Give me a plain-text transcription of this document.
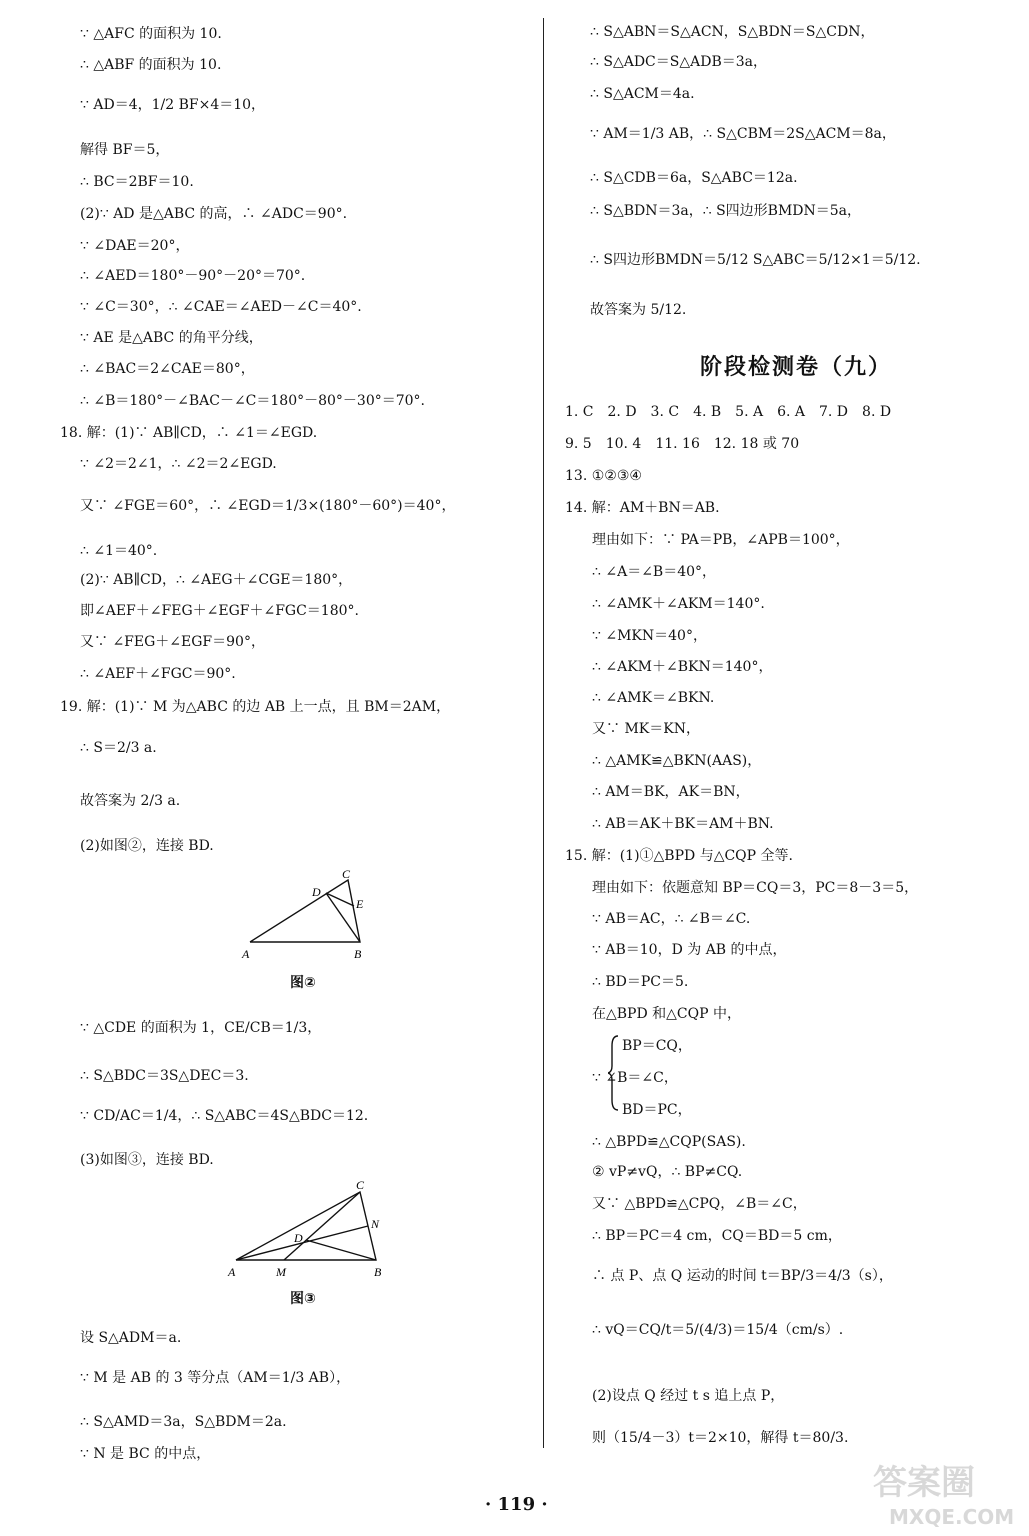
∵ △AFC 的面积为 10.
∴ △ABF 的面积为 10.
∵ AD＝4，1/2 BF×4＝10，
解得 BF＝5，
∴ BC＝2BF＝10.
(2)∵ AD 是△ABC 的高，∴ ∠ADC＝90°.
∵ ∠DAE＝20°，
∴ ∠AED＝180°－90°－20°＝70°.
∵ ∠C＝30°，∴ ∠CAE＝∠AED－∠C＝40°.
∵ AE 是△ABC 的角平分线，
∴ ∠BAC＝2∠CAE＝80°，
∴ ∠B＝180°－∠BAC－∠C＝180°－80°－30°＝70°.
18. 解：(1)∵ AB∥CD，∴ ∠1＝∠EGD.
∵ ∠2＝2∠1，∴ ∠2＝2∠EGD.
又∵ ∠FGE＝60°，∴ ∠EGD＝1/3×(180°－60°)＝40°，
∴ ∠1＝40°.
(2)∵ AB∥CD，∴ ∠AEG＋∠CGE＝180°，
即∠AEF＋∠FEG＋∠EGF＋∠FGC＝180°.
又∵ ∠FEG＋∠EGF＝90°，
∴ ∠AEF＋∠FGC＝90°.
19. 解：(1)∵ M 为△ABC 的边 AB 上一点，且 BM＝2AM，
∴ S＝2/3 a.
故答案为 2/3 a.
(2)如图②，连接 BD.
∵ △CDE 的面积为 1，CE/CB＝1/3，
∴ S△BDC＝3S△DEC＝3.
∵ CD/AC＝1/4，∴ S△ABC＝4S△BDC＝12.
(3)如图③，连接 BD.
设 S△ADM＝a.
∵ M 是 AB 的 3 等分点（AM＝1/3 AB），
∴ S△AMD＝3a，S△BDM＝2a.
∵ N 是 BC 的中点，
∴ S△ABN＝S△ACN，S△BDN＝S△CDN，
∴ S△ADC＝S△ADB＝3a，
∴ S△ACM＝4a.
∵ AM＝1/3 AB，∴ S△CBM＝2S△ACM＝8a，
∴ S△CDB＝6a，S△ABC＝12a.
∴ S△BDN＝3a，∴ S四边形BMDN＝5a，
∴ S四边形BMDN＝5/12 S△ABC＝5/12×1＝5/12.
故答案为 5/12.
1. C　2. D　3. C　4. B　5. A　6. A　7. D　8. D
9. 5　10. 4　11. 16　12. 18 或 70
13. ①②③④
14. 解：AM＋BN＝AB.
理由如下：∵ PA＝PB，∠APB＝100°，
∴ ∠A＝∠B＝40°，
∴ ∠AMK＋∠AKM＝140°.
∵ ∠MKN＝40°，
∴ ∠AKM＋∠BKN＝140°，
∴ ∠AMK＝∠BKN.
又∵ MK＝KN，
∴ △AMK≌△BKN(AAS)，
∴ AM＝BK，AK＝BN，
∴ AB＝AK＋BK＝AM＋BN.
15. 解：(1)①△BPD 与△CQP 全等.
理由如下：依题意知 BP＝CQ＝3，PC＝8－3＝5，
∵ AB＝AC，∴ ∠B＝∠C.
∵ AB＝10，D 为 AB 的中点，
∴ BD＝PC＝5.
在△BPD 和△CQP 中，
BP＝CQ，
∵ ∠B＝∠C，
BD＝PC，
∴ △BPD≌△CQP(SAS).
② vP≠vQ，∴ BP≠CQ.
又∵ △BPD≌△CPQ，∠B＝∠C，
∴ BP＝PC＝4 cm，CQ＝BD＝5 cm，
∴ 点 P、点 Q 运动的时间 t＝BP/3＝4/3（s），
∴ vQ＝CQ/t＝5/(4/3)＝15/4（cm/s）.
(2)设点 Q 经过 t s 追上点 P，
则（15/4－3）t＝2×10，解得 t＝80/3.
阶段检测卷（九）
A	B
C
D
E
图②
A	M	B
C
D
N
图③
· 119 ·
答案圈
MXQE.COM
